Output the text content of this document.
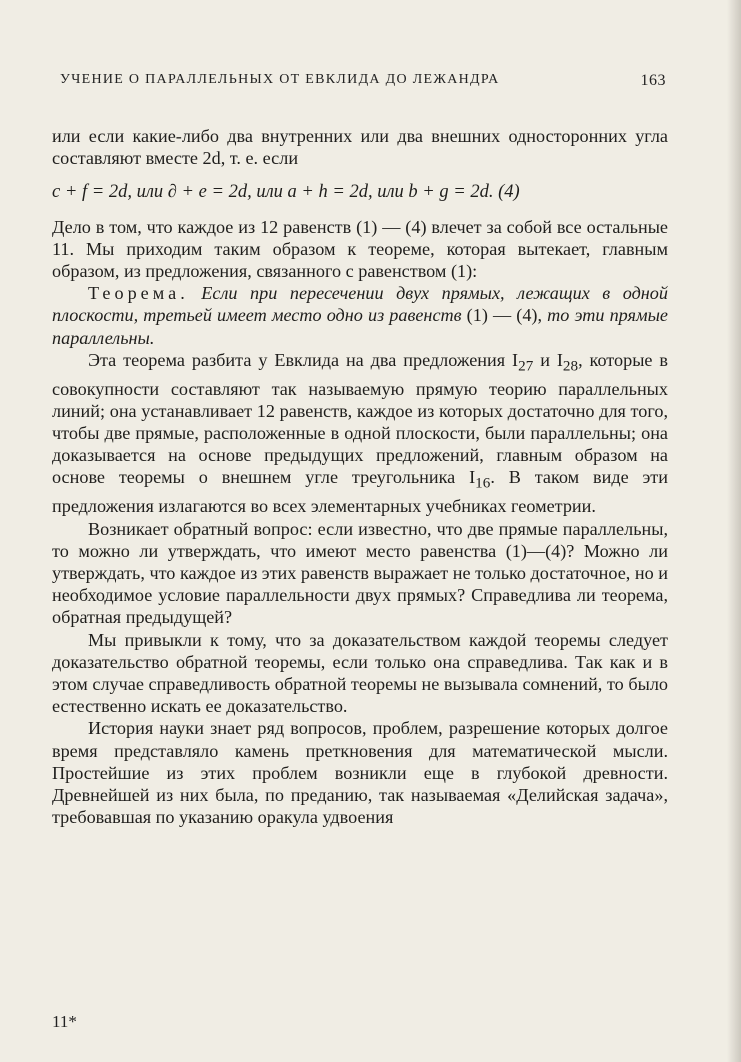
УЧЕНИЕ О ПАРАЛЛЕЛЬНЫХ ОТ ЕВКЛИДА ДО ЛЕЖАНДРА	163

или если какие-либо два внутренних или два внешних односторонних угла составляют вместе 2d, т. е. если

c + f = 2d, или ∂ + e = 2d, или a + h = 2d, или b + g = 2d. (4)

Дело в том, что каждое из 12 равенств (1) — (4) влечет за собой все остальные 11. Мы приходим таким образом к теореме, которая вытекает, главным образом, из предложения, связанного с равенством (1):

Теорема. Если при пересечении двух прямых, лежащих в одной плоскости, третьей имеет место одно из равенств (1) — (4), то эти прямые параллельны.

Эта теорема разбита у Евклида на два предложения $I_{27}$ и $I_{28}$, которые в совокупности составляют так называемую прямую теорию параллельных линий; она устанавливает 12 равенств, каждое из которых достаточно для того, чтобы две прямые, расположенные в одной плоскости, были параллельны; она доказывается на основе предыдущих предложений, главным образом на основе теоремы о внешнем угле треугольника $I_{16}$. В таком виде эти предложения излагаются во всех элементарных учебниках геометрии.

Возникает обратный вопрос: если известно, что две прямые параллельны, то можно ли утверждать, что имеют место равенства (1)—(4)? Можно ли утверждать, что каждое из этих равенств выражает не только достаточное, но и необходимое условие параллельности двух прямых? Справедлива ли теорема, обратная предыдущей?

Мы привыкли к тому, что за доказательством каждой теоремы следует доказательство обратной теоремы, если только она справедлива. Так как и в этом случае справедливость обратной теоремы не вызывала сомнений, то было естественно искать ее доказательство.

История науки знает ряд вопросов, проблем, разрешение которых долгое время представляло камень преткновения для математической мысли. Простейшие из этих проблем возникли еще в глубокой древности. Древнейшей из них была, по преданию, так называемая «Делийская задача», требовавшая по указанию оракула удвоения

11*
